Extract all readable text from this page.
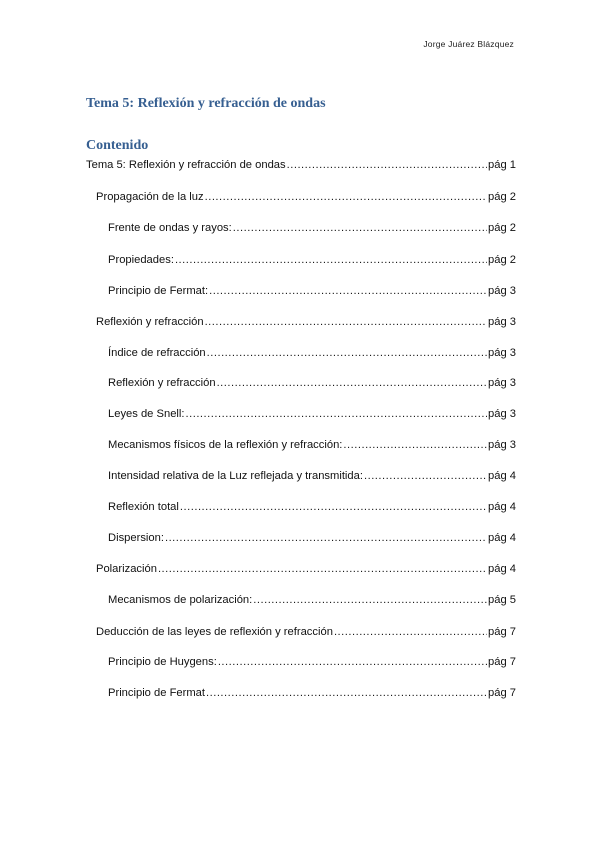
Jorge Juárez Blázquez
Tema 5: Reflexión y refracción de ondas
Contenido
Tema 5: Reflexión y refracción de ondas .....	pág 1
Propagación de la luz .....	pág 2
Frente de ondas y rayos: .....	pág 2
Propiedades: .....	pág 2
Principio de Fermat: .....	pág 3
Reflexión y refracción .....	pág 3
Índice de refracción .....	pág 3
Reflexión y refracción .....	pág 3
Leyes de Snell: .....	pág 3
Mecanismos físicos de la reflexión y refracción: .....	pág 3
Intensidad relativa de la Luz reflejada y transmitida: .....	pág 4
Reflexión total .....	pág 4
Dispersion: .....	pág 4
Polarización .....	pág 4
Mecanismos de polarización: .....	pág 5
Deducción de las leyes de reflexión y refracción .....	pág 7
Principio de Huygens: .....	pág 7
Principio de Fermat .....	pág 7
